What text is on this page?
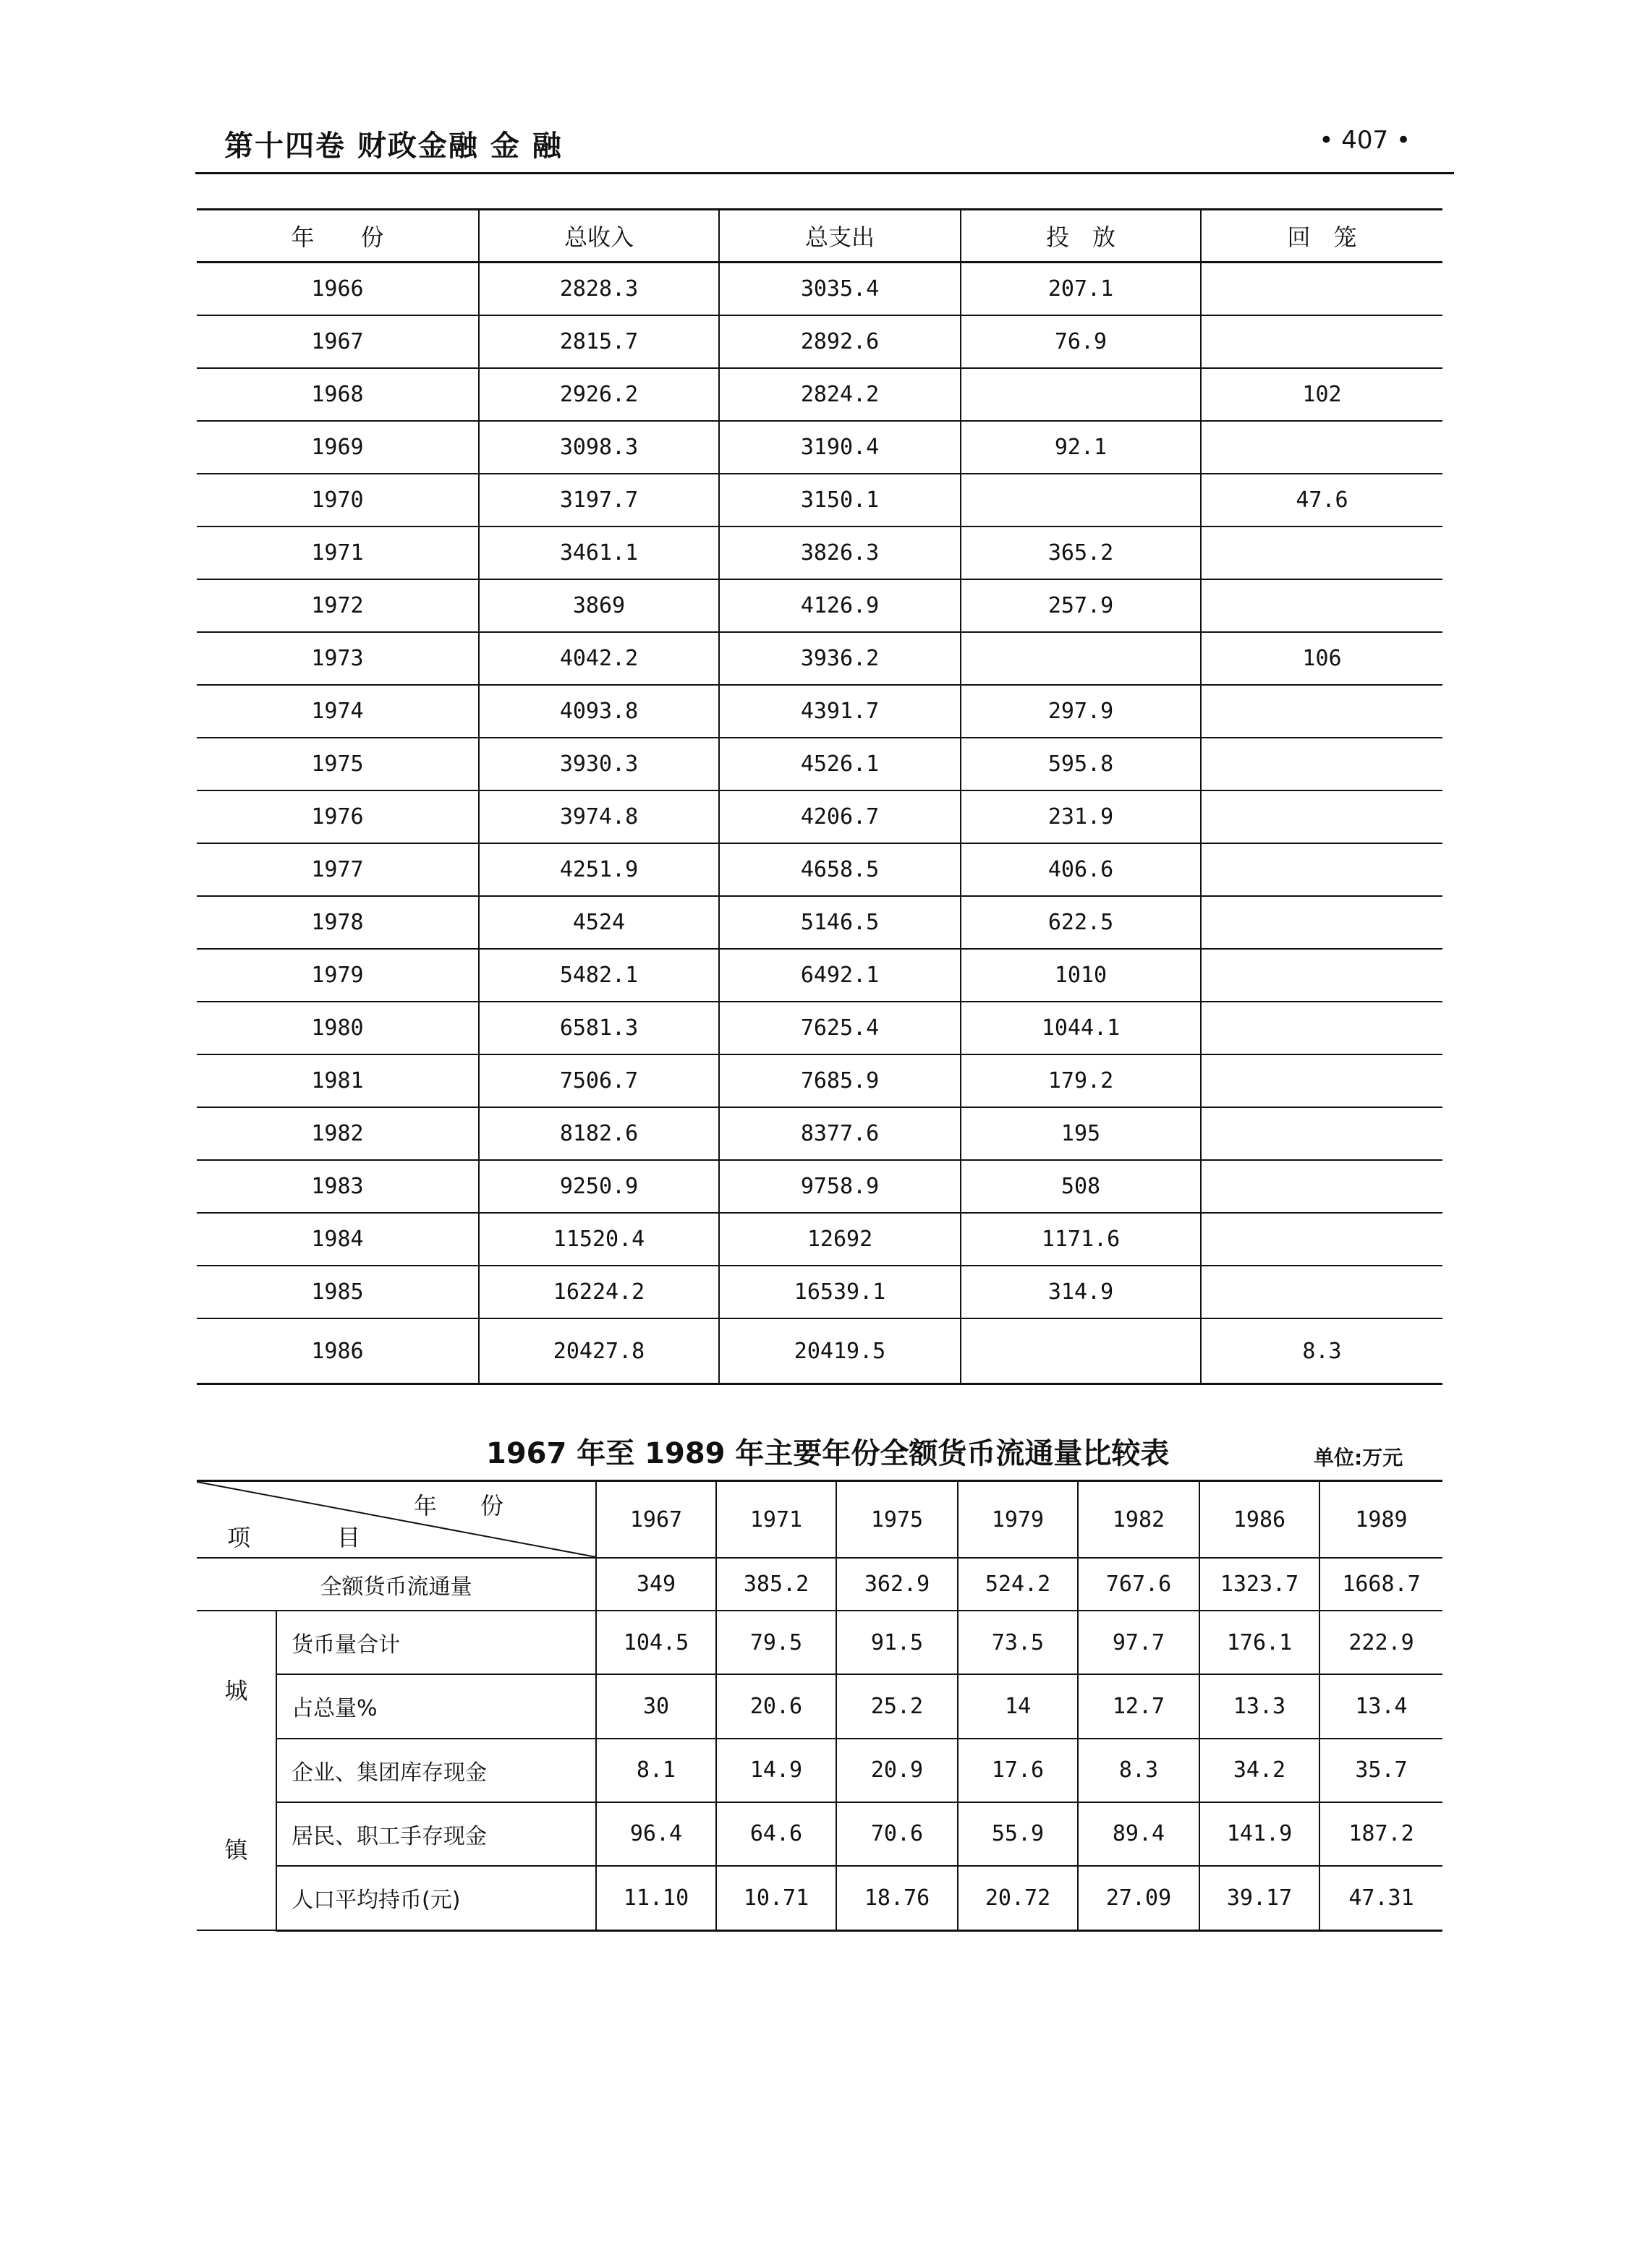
第十四卷 财政金融 金 融	• 407 •
年　　份	总收入	总支出	投　放	回　笼
1966	2828.3	3035.4	207.1	
1967	2815.7	2892.6	76.9	
1968	2926.2	2824.2		102
1969	3098.3	3190.4	92.1	
1970	3197.7	3150.1		47.6
1971	3461.1	3826.3	365.2	
1972	3869	4126.9	257.9	
1973	4042.2	3936.2		106
1974	4093.8	4391.7	297.9	
1975	3930.3	4526.1	595.8	
1976	3974.8	4206.7	231.9	
1977	4251.9	4658.5	406.6	
1978	4524	5146.5	622.5	
1979	5482.1	6492.1	1010	
1980	6581.3	7625.4	1044.1	
1981	7506.7	7685.9	179.2	
1982	8182.6	8377.6	195	
1983	9250.9	9758.9	508	
1984	11520.4	12692	1171.6	
1985	16224.2	16539.1	314.9	
1986	20427.8	20419.5		8.3
1967 年至 1989 年主要年份全额货币流通量比较表	单位:万元
年份
项目		1967	1971	1975	1979	1982	1986	1989
全额货币流通量		349	385.2	362.9	524.2	767.6	1323.7	1668.7

城
镇	货币量合计	104.5	79.5	91.5	73.5	97.7	176.1	222.9
	占总量%	30	20.6	25.2	14	12.7	13.3	13.4
	企业、集团库存现金	8.1	14.9	20.9	17.6	8.3	34.2	35.7
	居民、职工手存现金	96.4	64.6	70.6	55.9	89.4	141.9	187.2
	人口平均持币(元)	11.10	10.71	18.76	20.72	27.09	39.17	47.31
